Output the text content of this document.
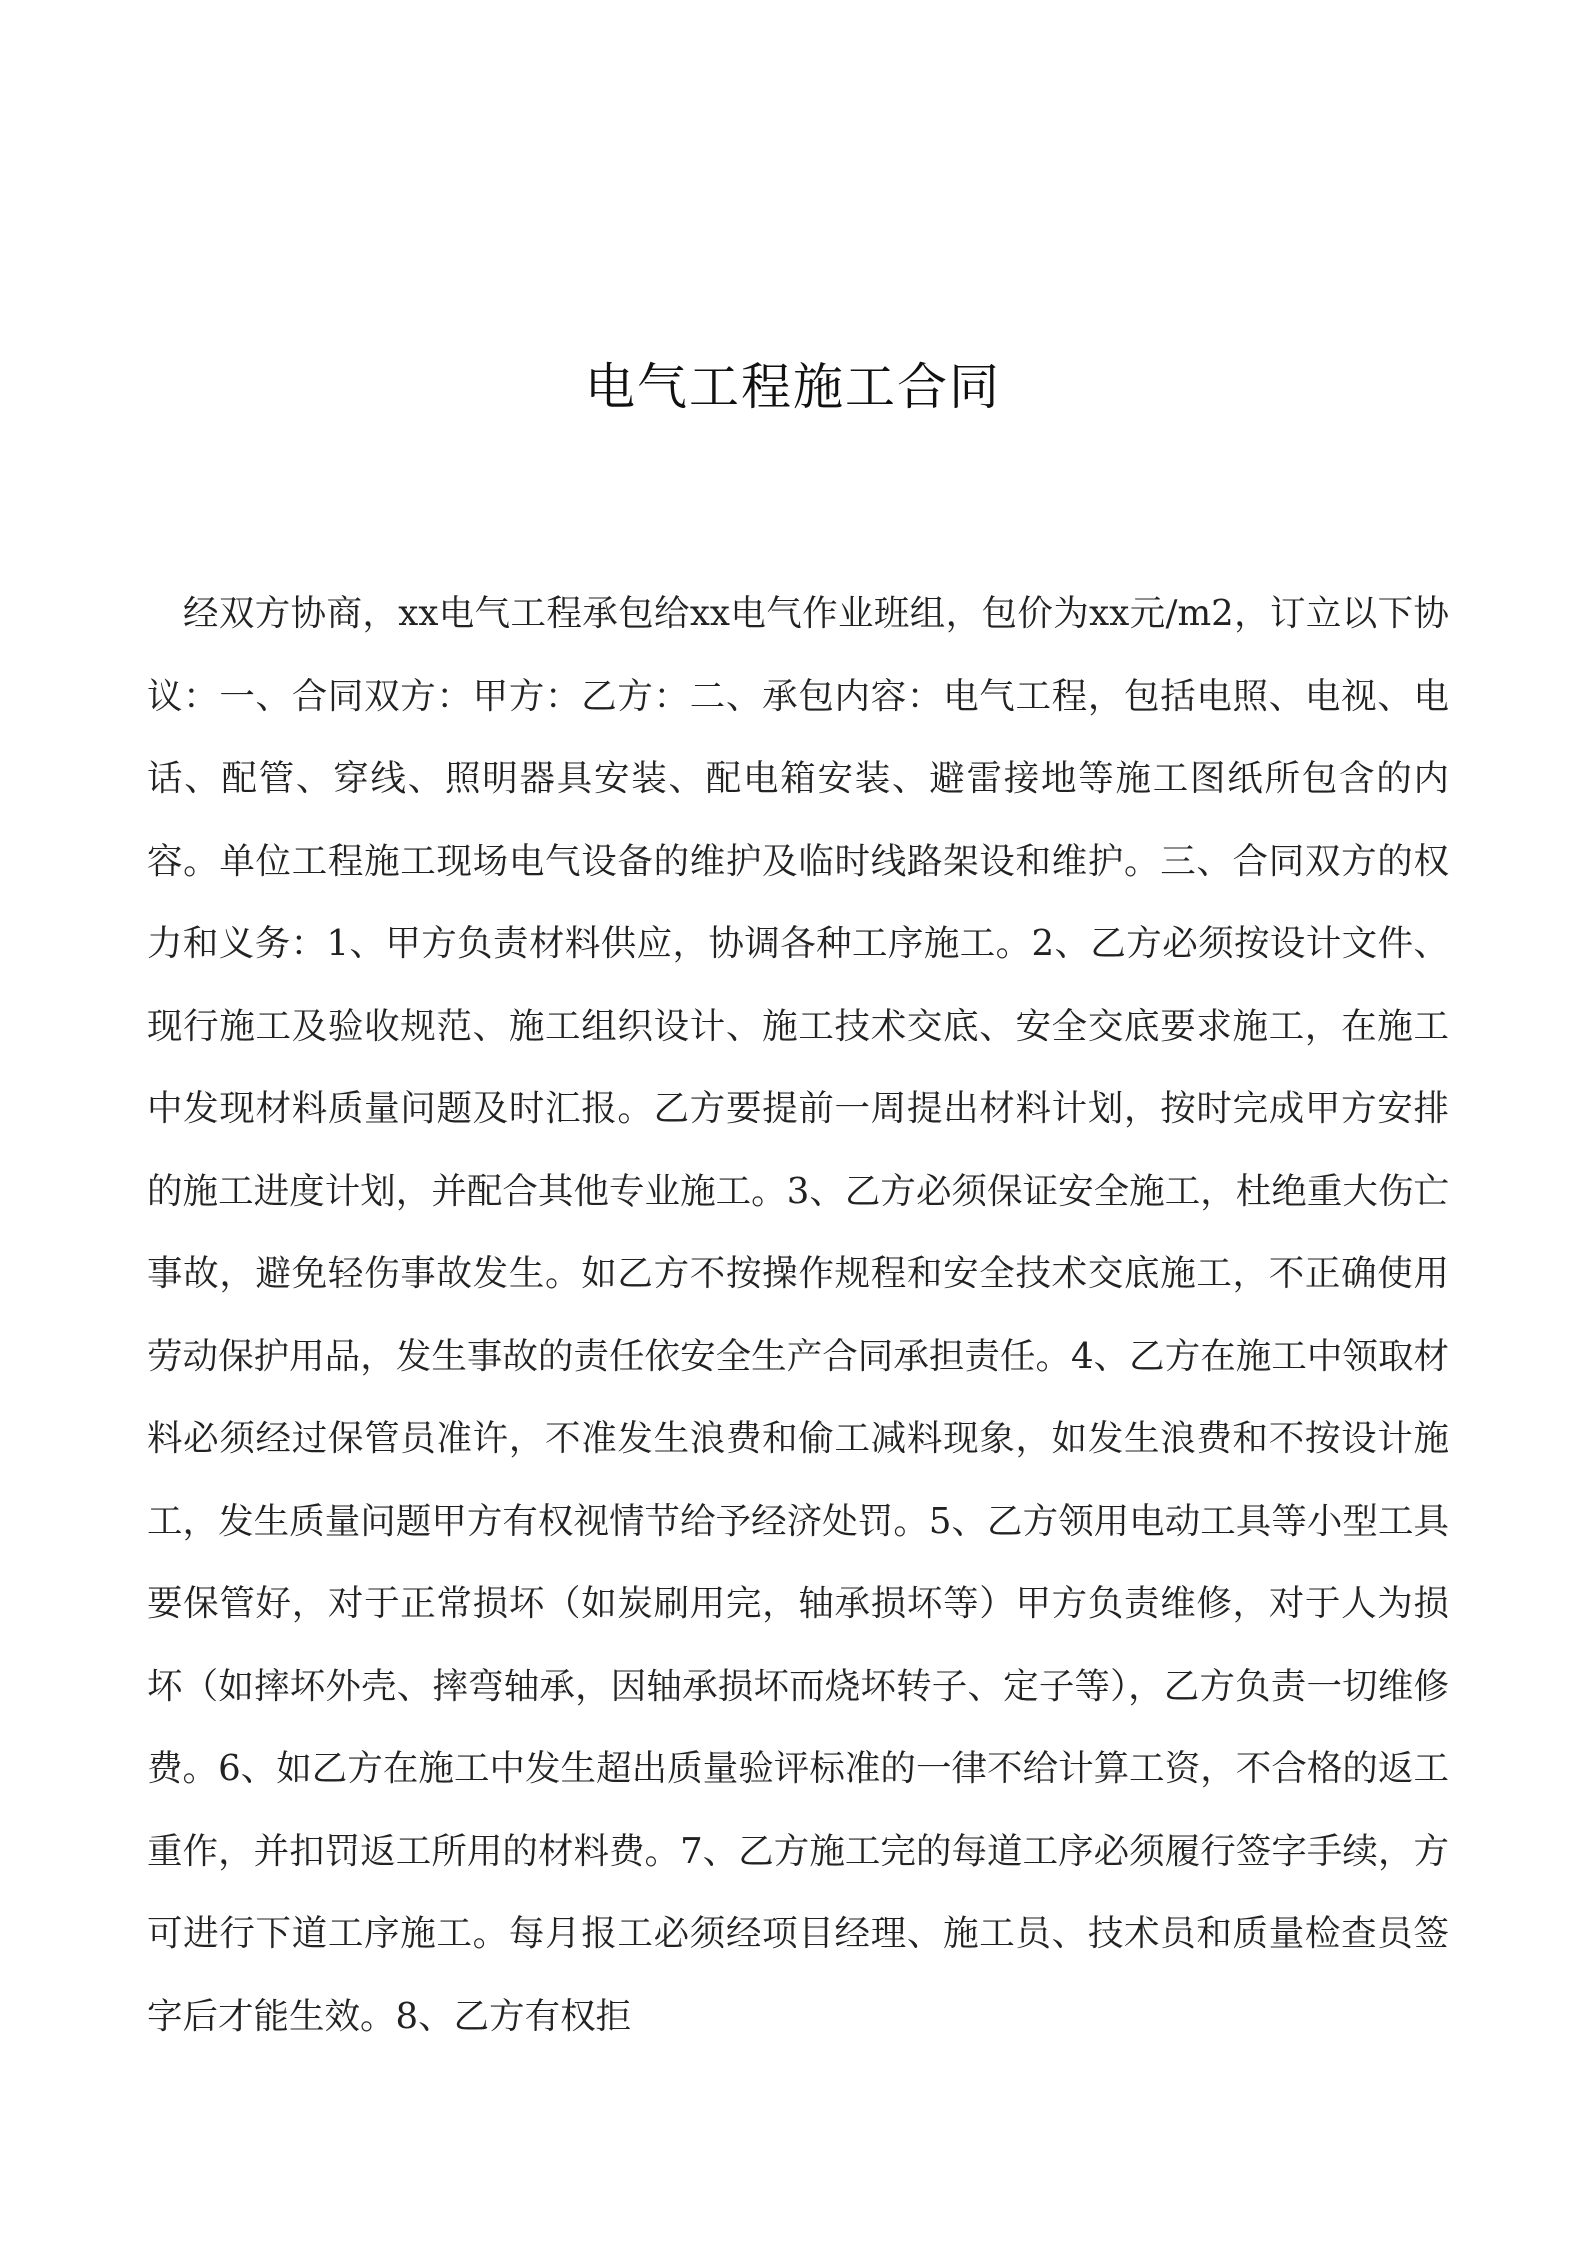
电气工程施工合同

经双方协商，xx电气工程承包给xx电气作业班组，包价为xx元/m2，订立以下协议：一、合同双方：甲方：乙方：二、承包内容：电气工程，包括电照、电视、电话、配管、穿线、照明器具安装、配电箱安装、避雷接地等施工图纸所包含的内容。单位工程施工现场电气设备的维护及临时线路架设和维护。三、合同双方的权力和义务：1、甲方负责材料供应，协调各种工序施工。2、乙方必须按设计文件、现行施工及验收规范、施工组织设计、施工技术交底、安全交底要求施工，在施工中发现材料质量问题及时汇报。乙方要提前一周提出材料计划，按时完成甲方安排的施工进度计划，并配合其他专业施工。3、乙方必须保证安全施工，杜绝重大伤亡事故，避免轻伤事故发生。如乙方不按操作规程和安全技术交底施工，不正确使用劳动保护用品，发生事故的责任依安全生产合同承担责任。4、乙方在施工中领取材料必须经过保管员准许，不准发生浪费和偷工减料现象，如发生浪费和不按设计施工，发生质量问题甲方有权视情节给予经济处罚。5、乙方领用电动工具等小型工具要保管好，对于正常损坏（如炭刷用完，轴承损坏等）甲方负责维修，对于人为损坏（如摔坏外壳、摔弯轴承，因轴承损坏而烧坏转子、定子等），乙方负责一切维修费。6、如乙方在施工中发生超出质量验评标准的一律不给计算工资，不合格的返工重作，并扣罚返工所用的材料费。7、乙方施工完的每道工序必须履行签字手续，方可进行下道工序施工。每月报工必须经项目经理、施工员、技术员和质量检查员签字后才能生效。8、乙方有权拒
